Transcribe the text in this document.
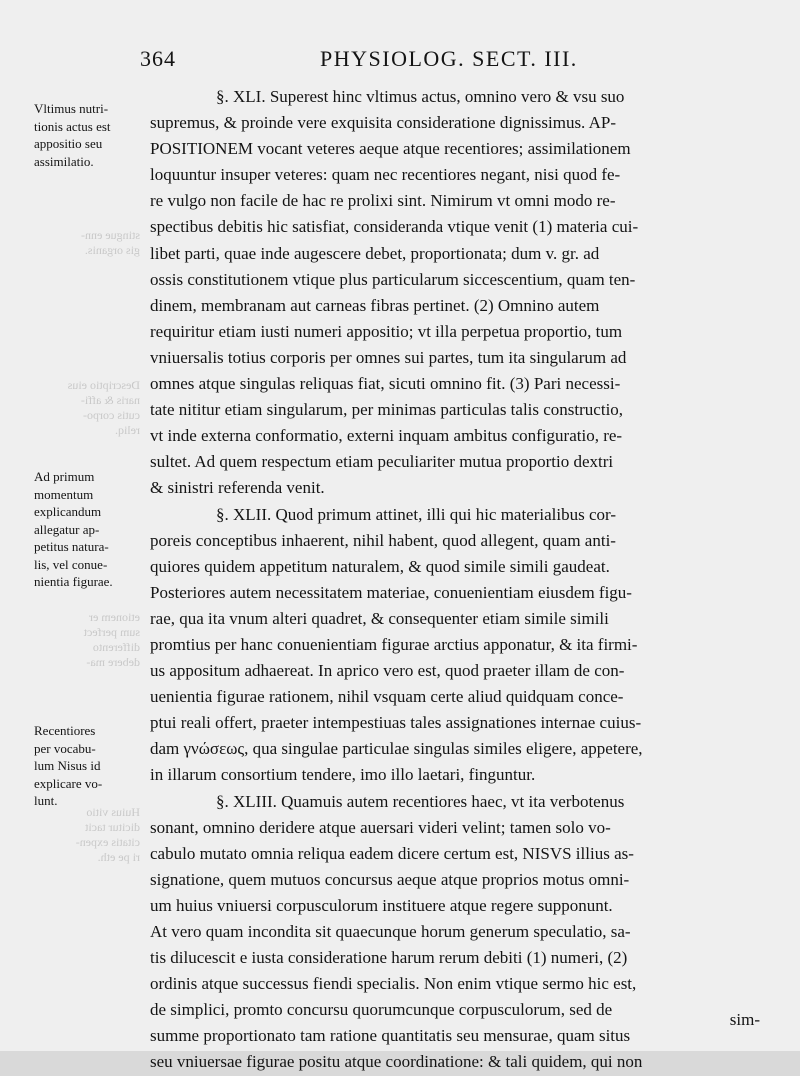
364	PHYSIOLOG. SECT. III.
stingue enn-
gis organis.
Descriptio eius
naris & affi-
cutis corpo-
reliq.
etionem er
sum perfect
differento
debere ma-
Huius vitio
dicitur tacit
citatis expen-
ri pe eth.
Vltimus nutri-
tionis actus est
appositio seu
assimilatio.
Ad primum
momentum
explicandum
allegatur ap-
petitus natura-
lis, vel conue-
nientia figurae.
Recentiores
per vocabu-
lum Nisus id
explicare vo-
lunt.
§. XLI. Superest hinc vltimus actus, omnino vero & vsu suo
supremus, & proinde vere exquisita consideratione dignissimus. AP-
POSITIONEM vocant veteres aeque atque recentiores; assimilationem
loquuntur insuper veteres: quam nec recentiores negant, nisi quod fe-
re vulgo non facile de hac re prolixi sint. Nimirum vt omni modo re-
spectibus debitis hic satisfiat, consideranda vtique venit (1) materia cui-
libet parti, quae inde augescere debet, proportionata; dum v. gr. ad
ossis constitutionem vtique plus particularum siccescentium, quam ten-
dinem, membranam aut carneas fibras pertinet. (2) Omnino autem
requiritur etiam iusti numeri appositio; vt illa perpetua proportio, tum
vniuersalis totius corporis per omnes sui partes, tum ita singularum ad
omnes atque singulas reliquas fiat, sicuti omnino fit. (3) Pari necessi-
tate nititur etiam singularum, per minimas particulas talis constructio,
vt inde externa conformatio, externi inquam ambitus configuratio, re-
sultet. Ad quem respectum etiam peculiariter mutua proportio dextri
& sinistri referenda venit.
§. XLII. Quod primum attinet, illi qui hic materialibus cor-
poreis conceptibus inhaerent, nihil habent, quod allegent, quam anti-
quiores quidem appetitum naturalem, & quod simile simili gaudeat.
Posteriores autem necessitatem materiae, conuenientiam eiusdem figu-
rae, qua ita vnum alteri quadret, & consequenter etiam simile simili
promtius per hanc conuenientiam figurae arctius apponatur, & ita firmi-
us appositum adhaereat. In aprico vero est, quod praeter illam de con-
uenientia figurae rationem, nihil vsquam certe aliud quidquam conce-
ptui reali offert, praeter intempestiuas tales assignationes internae cuius-
dam γνώσεως, qua singulae particulae singulas similes eligere, appetere,
in illarum consortium tendere, imo illo laetari, finguntur.
§. XLIII. Quamuis autem recentiores haec, vt ita verbotenus
sonant, omnino deridere atque auersari videri velint; tamen solo vo-
cabulo mutato omnia reliqua eadem dicere certum est, NISVS illius as-
signatione, quem mutuos concursus aeque atque proprios motus omni-
um huius vniuersi corpusculorum instituere atque regere supponunt.
At vero quam incondita sit quaecunque horum generum speculatio, sa-
tis dilucescit e iusta consideratione harum rerum debiti (1) numeri, (2)
ordinis atque successus fiendi specialis. Non enim vtique sermo hic est,
de simplici, promto concursu quorumcunque corpusculorum, sed de
summe proportionato tam ratione quantitatis seu mensurae, quam situs
seu vniuersae figurae positu atque coordinatione: & tali quidem, qui non
sim-
